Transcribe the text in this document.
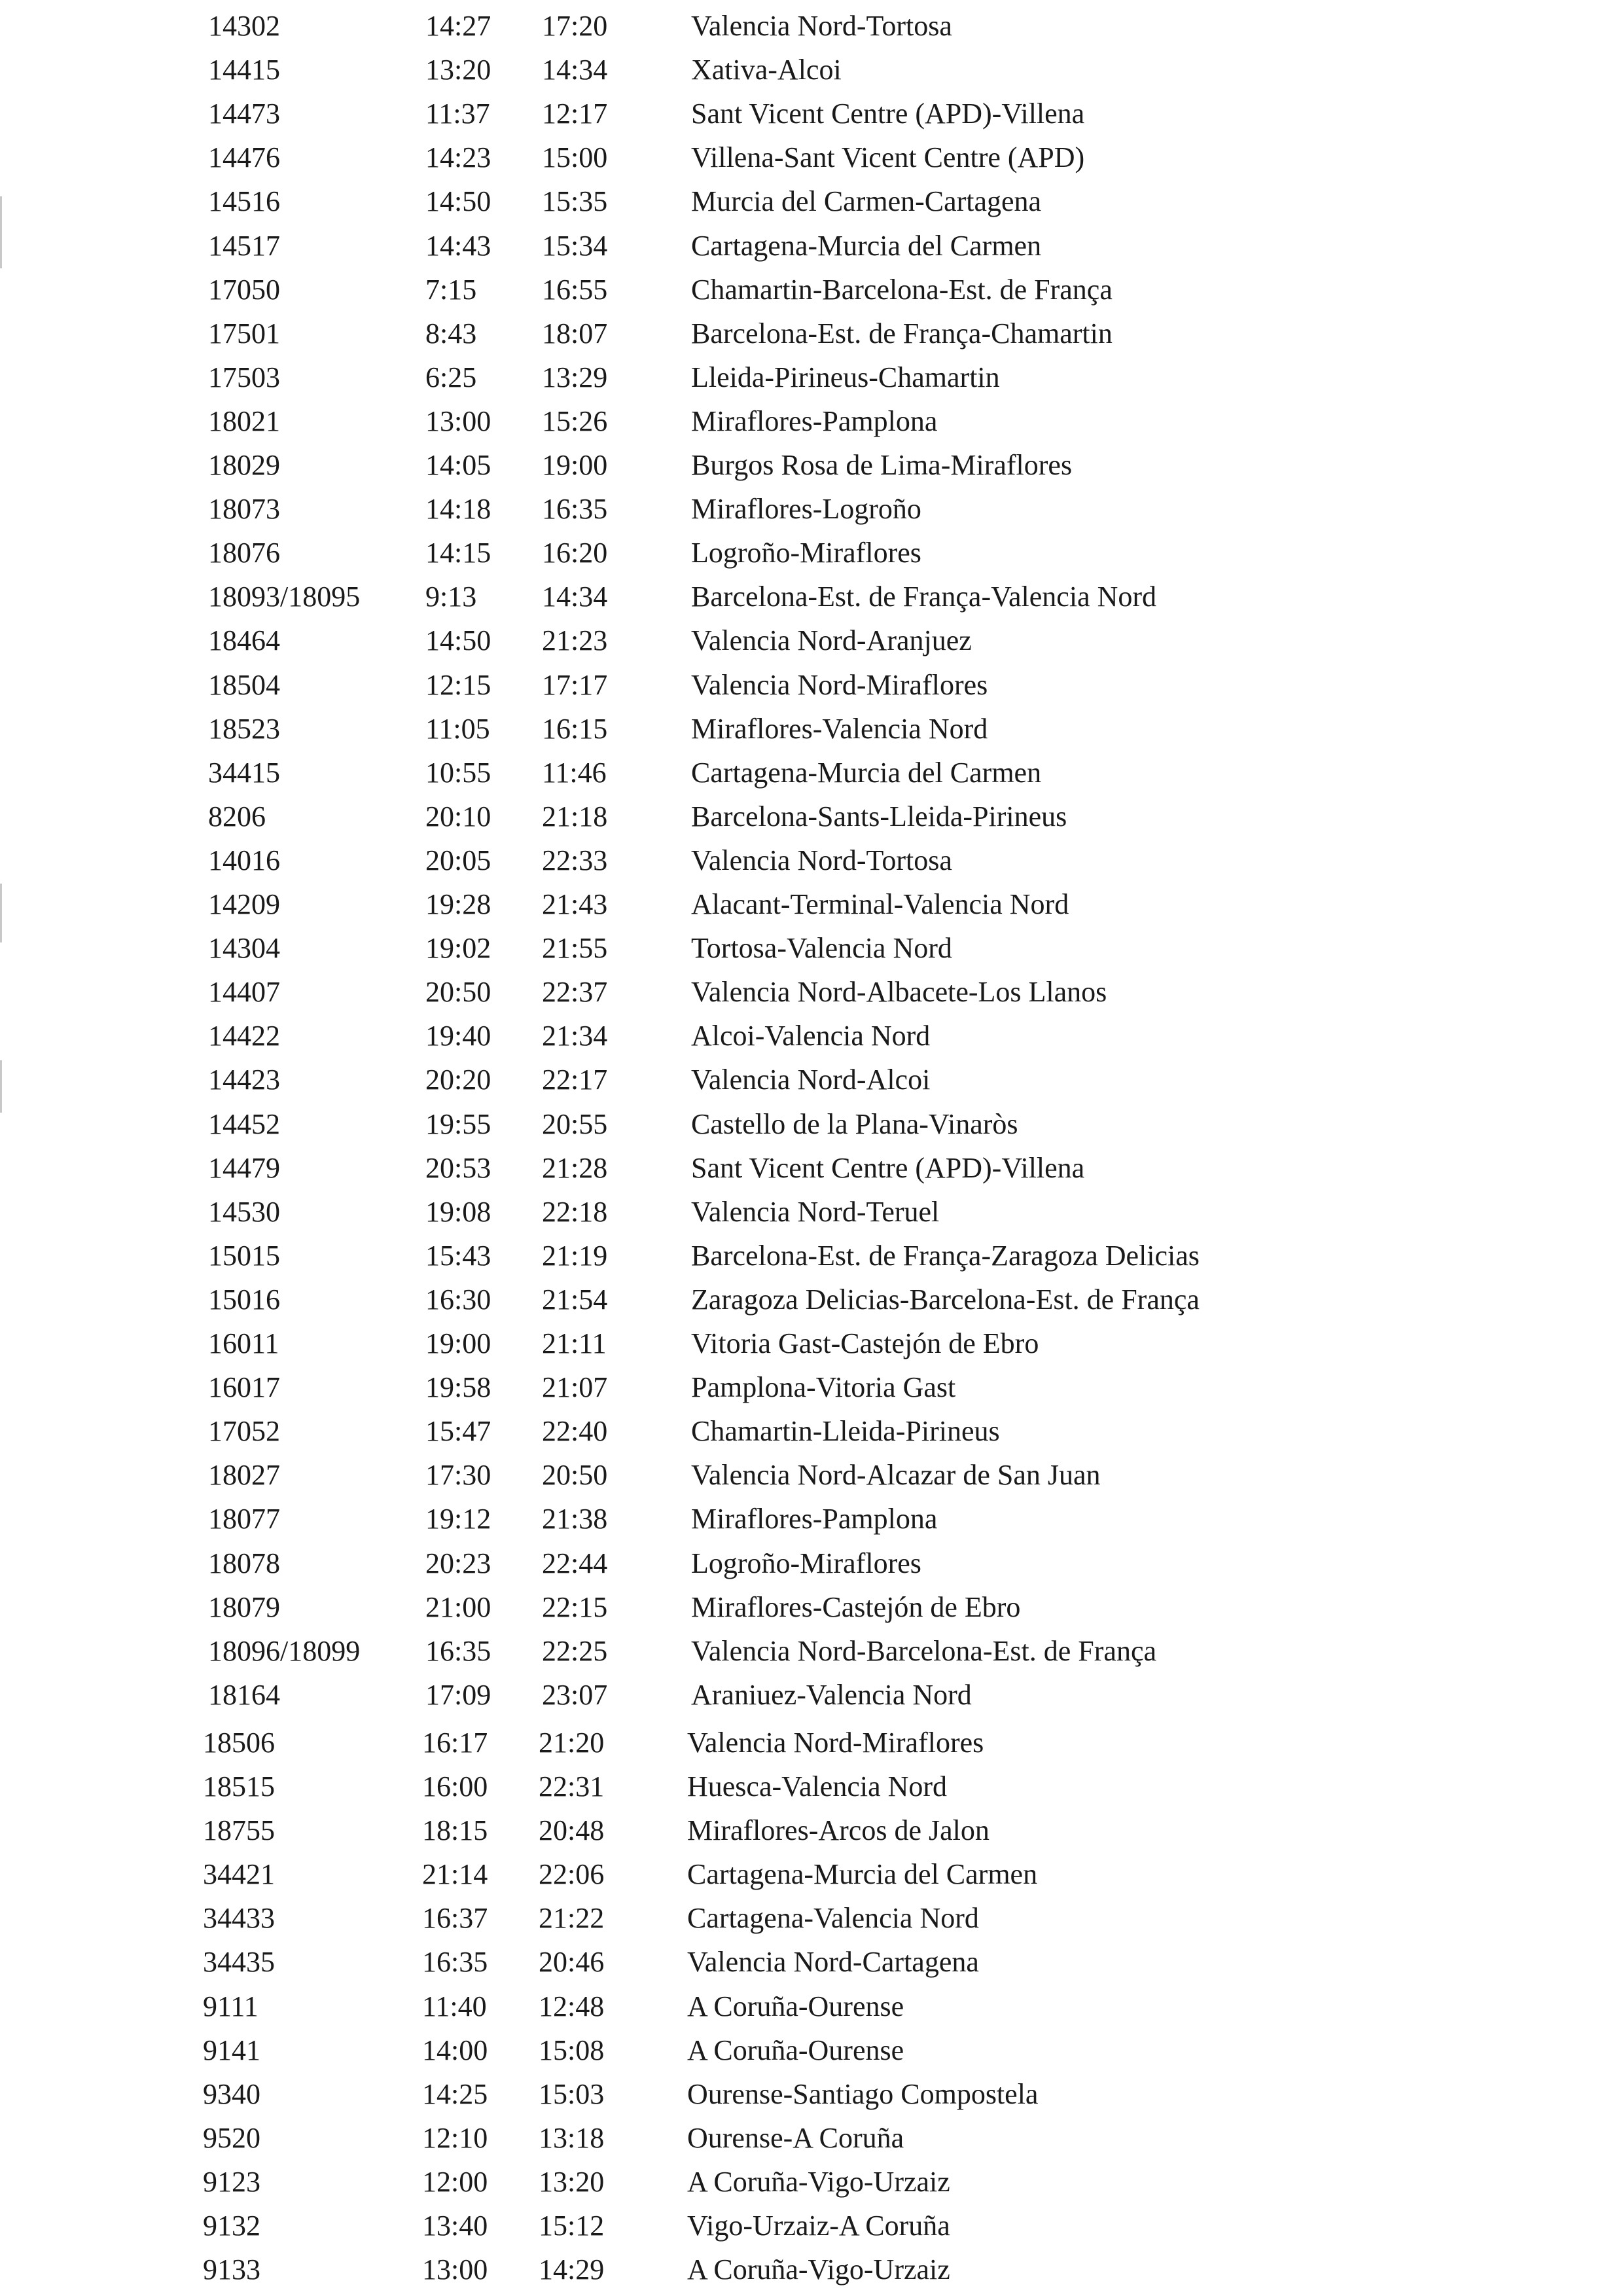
14302	14:27 17:20	Valencia Nord-Tortosa
14415	13:20 14:34	Xativa-Alcoi
14473	11:37 12:17	Sant Vicent Centre (APD)-Villena
14476	14:23 15:00	Villena-Sant Vicent Centre (APD)
14516	14:50 15:35	Murcia del Carmen-Cartagena
14517	14:43 15:34	Cartagena-Murcia del Carmen
17050	7:15 16:55	Chamartin-Barcelona-Est. de França
17501	8:43 18:07	Barcelona-Est. de França-Chamartin
17503	6:25 13:29	Lleida-Pirineus-Chamartin
18021	13:00 15:26	Miraflores-Pamplona
18029	14:05 19:00	Burgos Rosa de Lima-Miraflores
18073	14:18 16:35	Miraflores-Logroño
18076	14:15 16:20	Logroño-Miraflores
18093/18095 9:13 14:34	Barcelona-Est. de França-Valencia Nord
18464	14:50 21:23	Valencia Nord-Aranjuez
18504	12:15 17:17	Valencia Nord-Miraflores
18523	11:05 16:15	Miraflores-Valencia Nord
34415	10:55 11:46	Cartagena-Murcia del Carmen
8206	20:10 21:18	Barcelona-Sants-Lleida-Pirineus
14016	20:05 22:33	Valencia Nord-Tortosa
14209	19:28 21:43	Alacant-Terminal-Valencia Nord
14304	19:02 21:55	Tortosa-Valencia Nord
14407	20:50 22:37	Valencia Nord-Albacete-Los Llanos
14422	19:40 21:34	Alcoi-Valencia Nord
14423	20:20 22:17	Valencia Nord-Alcoi
14452	19:55 20:55	Castello de la Plana-Vinaròs
14479	20:53 21:28	Sant Vicent Centre (APD)-Villena
14530	19:08 22:18	Valencia Nord-Teruel
15015	15:43 21:19	Barcelona-Est. de França-Zaragoza Delicias
15016	16:30 21:54	Zaragoza Delicias-Barcelona-Est. de França
16011	19:00 21:11	Vitoria Gast-Castejón de Ebro
16017	19:58 21:07	Pamplona-Vitoria Gast
17052	15:47 22:40	Chamartin-Lleida-Pirineus
18027	17:30 20:50	Valencia Nord-Alcazar de San Juan
18077	19:12 21:38	Miraflores-Pamplona
18078	20:23 22:44	Logroño-Miraflores
18079	21:00 22:15	Miraflores-Castejón de Ebro
18096/18099 16:35 22:25	Valencia Nord-Barcelona-Est. de França
18164	17:09 23:07	Araniuez-Valencia Nord
18506	16:17 21:20	Valencia Nord-Miraflores
18515	16:00 22:31	Huesca-Valencia Nord
18755	18:15 20:48	Miraflores-Arcos de Jalon
34421	21:14 22:06	Cartagena-Murcia del Carmen
34433	16:37 21:22	Cartagena-Valencia Nord
34435	16:35 20:46	Valencia Nord-Cartagena
9111	11:40 12:48	A Coruña-Ourense
9141	14:00 15:08	A Coruña-Ourense
9340	14:25 15:03	Ourense-Santiago Compostela
9520	12:10 13:18	Ourense-A Coruña
9123	12:00 13:20	A Coruña-Vigo-Urzaiz
9132	13:40 15:12	Vigo-Urzaiz-A Coruña
9133	13:00 14:29	A Coruña-Vigo-Urzaiz
